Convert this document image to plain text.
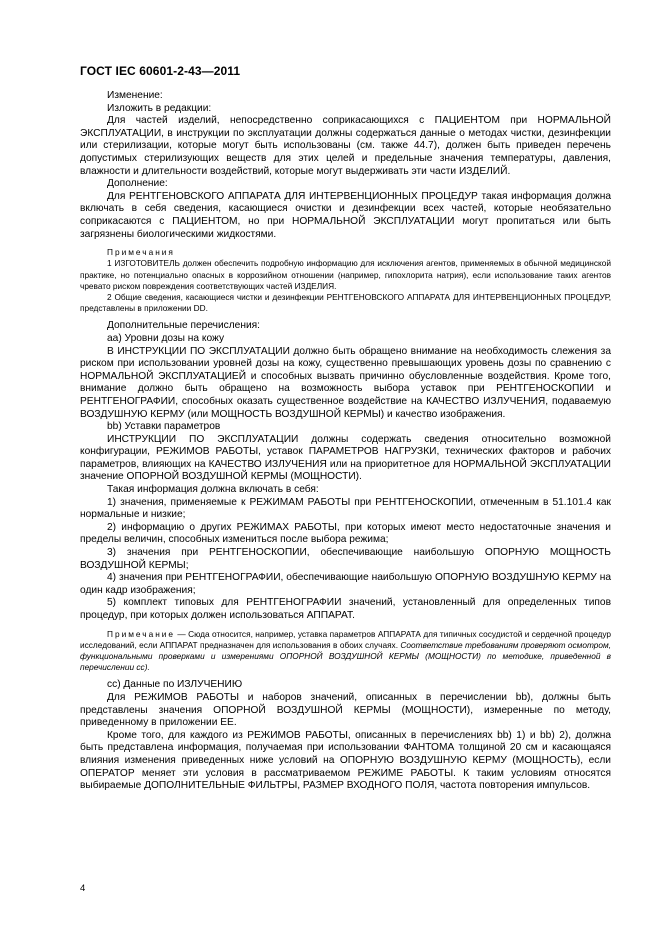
ГОСТ IEC 60601-2-43—2011

Изменение:

Изложить в редакции:

Для частей изделий, непосредственно соприкасающихся с ПАЦИЕНТОМ при НОРМАЛЬНОЙ ЭКСПЛУАТАЦИИ, в инструкции по эксплуатации должны содержаться данные о методах чистки, дезинфекции или стерилизации, которые могут быть использованы (см. также 44.7), должен быть приведен перечень допустимых стерилизующих веществ для этих целей и предельные значения температуры, давления, влажности и длительности воздействий, которые могут выдерживать эти части ИЗДЕЛИЙ.

Дополнение:

Для РЕНТГЕНОВСКОГО АППАРАТА ДЛЯ ИНТЕРВЕНЦИОННЫХ ПРОЦЕДУР такая информация должна включать в себя сведения, касающиеся очистки и дезинфекции всех частей, которые необязательно соприкасаются с ПАЦИЕНТОМ, но при НОРМАЛЬНОЙ ЭКСПЛУАТАЦИИ могут пропитаться или быть загрязнены биологическими жидкостями.

Примечания

1 ИЗГОТОВИТЕЛЬ должен обеспечить подробную информацию для исключения агентов, применяемых в обычной медицинской практике, но потенциально опасных в коррозийном отношении (например, гипохлорита натрия), если использование таких агентов чревато риском повреждения соответствующих частей ИЗДЕЛИЯ.

2 Общие сведения, касающиеся чистки и дезинфекции РЕНТГЕНОВСКОГО АППАРАТА ДЛЯ ИНТЕРВЕНЦИОННЫХ ПРОЦЕДУР, представлены в приложении DD.

Дополнительные перечисления:

аа) Уровни дозы на кожу

В ИНСТРУКЦИИ ПО ЭКСПЛУАТАЦИИ должно быть обращено внимание на необходимость слежения за риском при использовании уровней дозы на кожу, существенно превышающих уровень дозы по сравнению с НОРМАЛЬНОЙ ЭКСПЛУАТАЦИЕЙ и способных вызвать причинно обусловленные воздействия. Кроме того, внимание должно быть обращено на возможность выбора уставок при РЕНТГЕНОСКОПИИ и РЕНТГЕНОГРАФИИ, способных оказать существенное воздействие на КАЧЕСТВО ИЗЛУЧЕНИЯ, подаваемую ВОЗДУШНУЮ КЕРМУ (или МОЩНОСТЬ ВОЗДУШНОЙ КЕРМЫ) и качество изображения.

bb) Уставки параметров

ИНСТРУКЦИИ ПО ЭКСПЛУАТАЦИИ должны содержать сведения относительно возможной конфигурации, РЕЖИМОВ РАБОТЫ, уставок ПАРАМЕТРОВ НАГРУЗКИ, технических факторов и рабочих параметров, влияющих на КАЧЕСТВО ИЗЛУЧЕНИЯ или на приоритетное для НОРМАЛЬНОЙ ЭКСПЛУАТАЦИИ значение ОПОРНОЙ ВОЗДУШНОЙ КЕРМЫ (МОЩНОСТИ).

Такая информация должна включать в себя:

1) значения, применяемые к РЕЖИМАМ РАБОТЫ при РЕНТГЕНОСКОПИИ, отмеченным в 51.101.4 как нормальные и низкие;

2) информацию о других РЕЖИМАХ РАБОТЫ, при которых имеют место недостаточные значения и пределы величин, способных измениться после выбора режима;

3) значения при РЕНТГЕНОСКОПИИ, обеспечивающие наибольшую ОПОРНУЮ МОЩНОСТЬ ВОЗДУШНОЙ КЕРМЫ;

4) значения при РЕНТГЕНОГРАФИИ, обеспечивающие наибольшую ОПОРНУЮ ВОЗДУШНУЮ КЕРМУ на один кадр изображения;

5) комплект типовых для РЕНТГЕНОГРАФИИ значений, установленный для определенных типов процедур, при которых должен использоваться АППАРАТ.

Примечание — Сюда относится, например, уставка параметров АППАРАТА для типичных сосудистой и сердечной процедур исследований, если АППАРАТ предназначен для использования в обоих случаях. Соответствие требованиям проверяют осмотром, функциональными проверками и измерениями ОПОРНОЙ ВОЗДУШНОЙ КЕРМЫ (МОЩНОСТИ) по методике, приведенной в перечислении сс).

сс) Данные по ИЗЛУЧЕНИЮ

Для РЕЖИМОВ РАБОТЫ и наборов значений, описанных в перечислении bb), должны быть представлены значения ОПОРНОЙ ВОЗДУШНОЙ КЕРМЫ (МОЩНОСТИ), измеренные по методу, приведенному в приложении ЕЕ.

Кроме того, для каждого из РЕЖИМОВ РАБОТЫ, описанных в перечислениях bb) 1) и bb) 2), должна быть представлена информация, получаемая при использовании ФАНТОМА толщиной 20 см и касающаяся влияния изменения приведенных ниже условий на ОПОРНУЮ ВОЗДУШНУЮ КЕРМУ (МОЩНОСТЬ), если ОПЕРАТОР меняет эти условия в рассматриваемом РЕЖИМЕ РАБОТЫ. К таким условиям относятся выбираемые ДОПОЛНИТЕЛЬНЫЕ ФИЛЬТРЫ, РАЗМЕР ВХОДНОГО ПОЛЯ, частота повторения импульсов.

4
